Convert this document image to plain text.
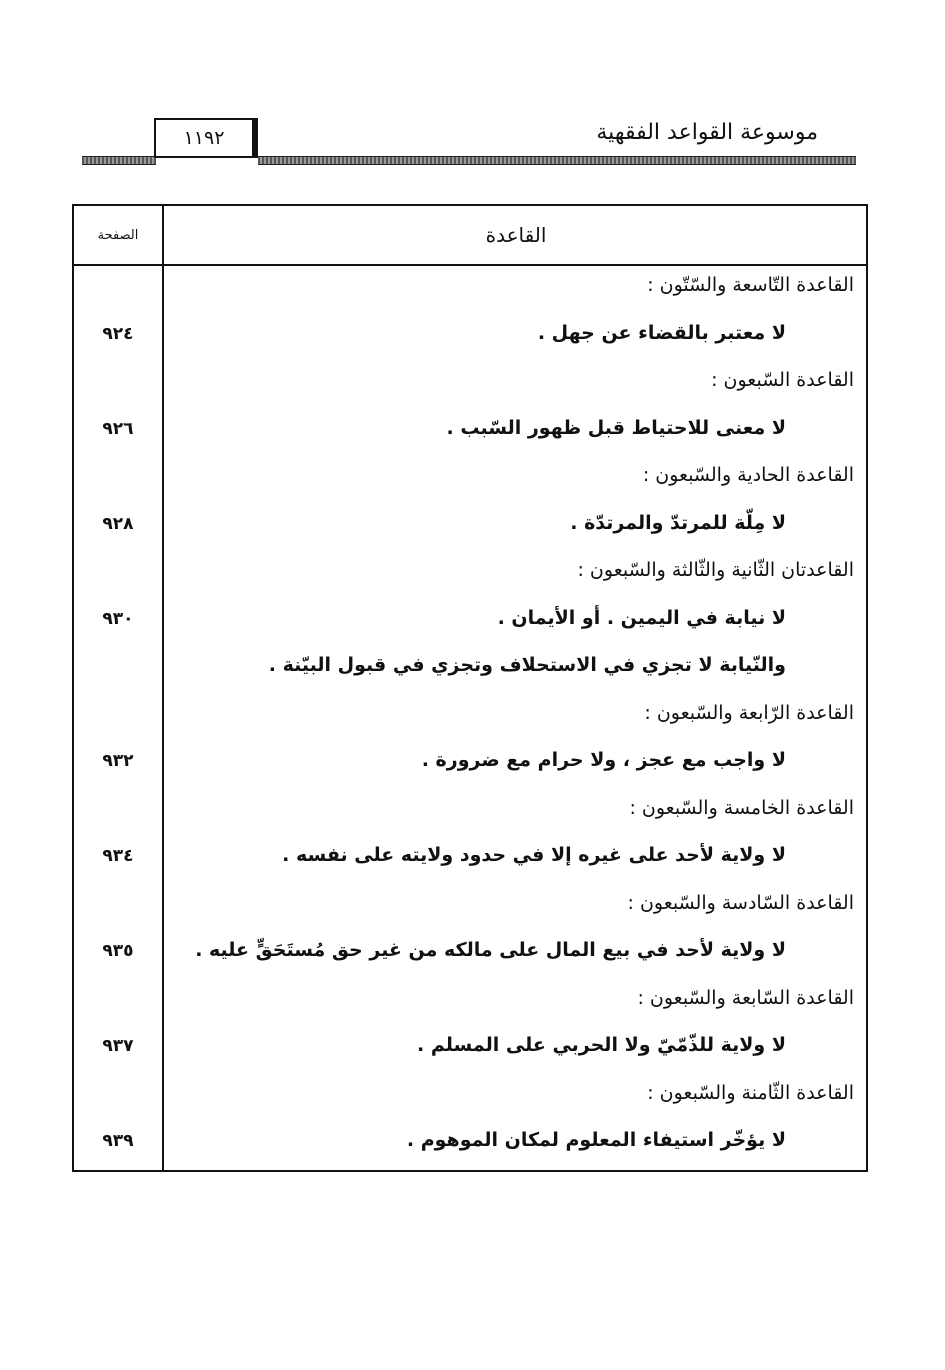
موسوعة القواعد الفقهية
١١٩٢
الصفحة	القاعدة
القاعدة التّاسعة والسّتّون :
لا معتبر بالقضاء عن جهل .
٩٢٤
القاعدة السّبعون :
لا معنى للاحتياط قبل ظهور السّبب .
٩٢٦
القاعدة الحادية والسّبعون :
لا مِلّة للمرتدّ والمرتدّة .
٩٢٨
القاعدتان الثّانية والثّالثة والسّبعون :
لا نيابة في اليمين . أو الأيمان .
٩٣٠
والنّيابة لا تجزي في الاستحلاف وتجزي في قبول البيّنة .
القاعدة الرّابعة والسّبعون :
لا واجب مع عجز ، ولا حرام مع ضرورة .
٩٣٢
القاعدة الخامسة والسّبعون :
لا ولاية لأحد على غيره إلا في حدود ولايته على نفسه .
٩٣٤
القاعدة السّادسة والسّبعون :
لا ولاية لأحد في بيع المال على مالكه من غير حق مُستَحَقٍّ عليه .
٩٣٥
القاعدة السّابعة والسّبعون :
لا ولاية للذّمّيّ ولا الحربي على المسلم .
٩٣٧
القاعدة الثّامنة والسّبعون :
لا يؤخّر استيفاء المعلوم لمكان الموهوم .
٩٣٩
